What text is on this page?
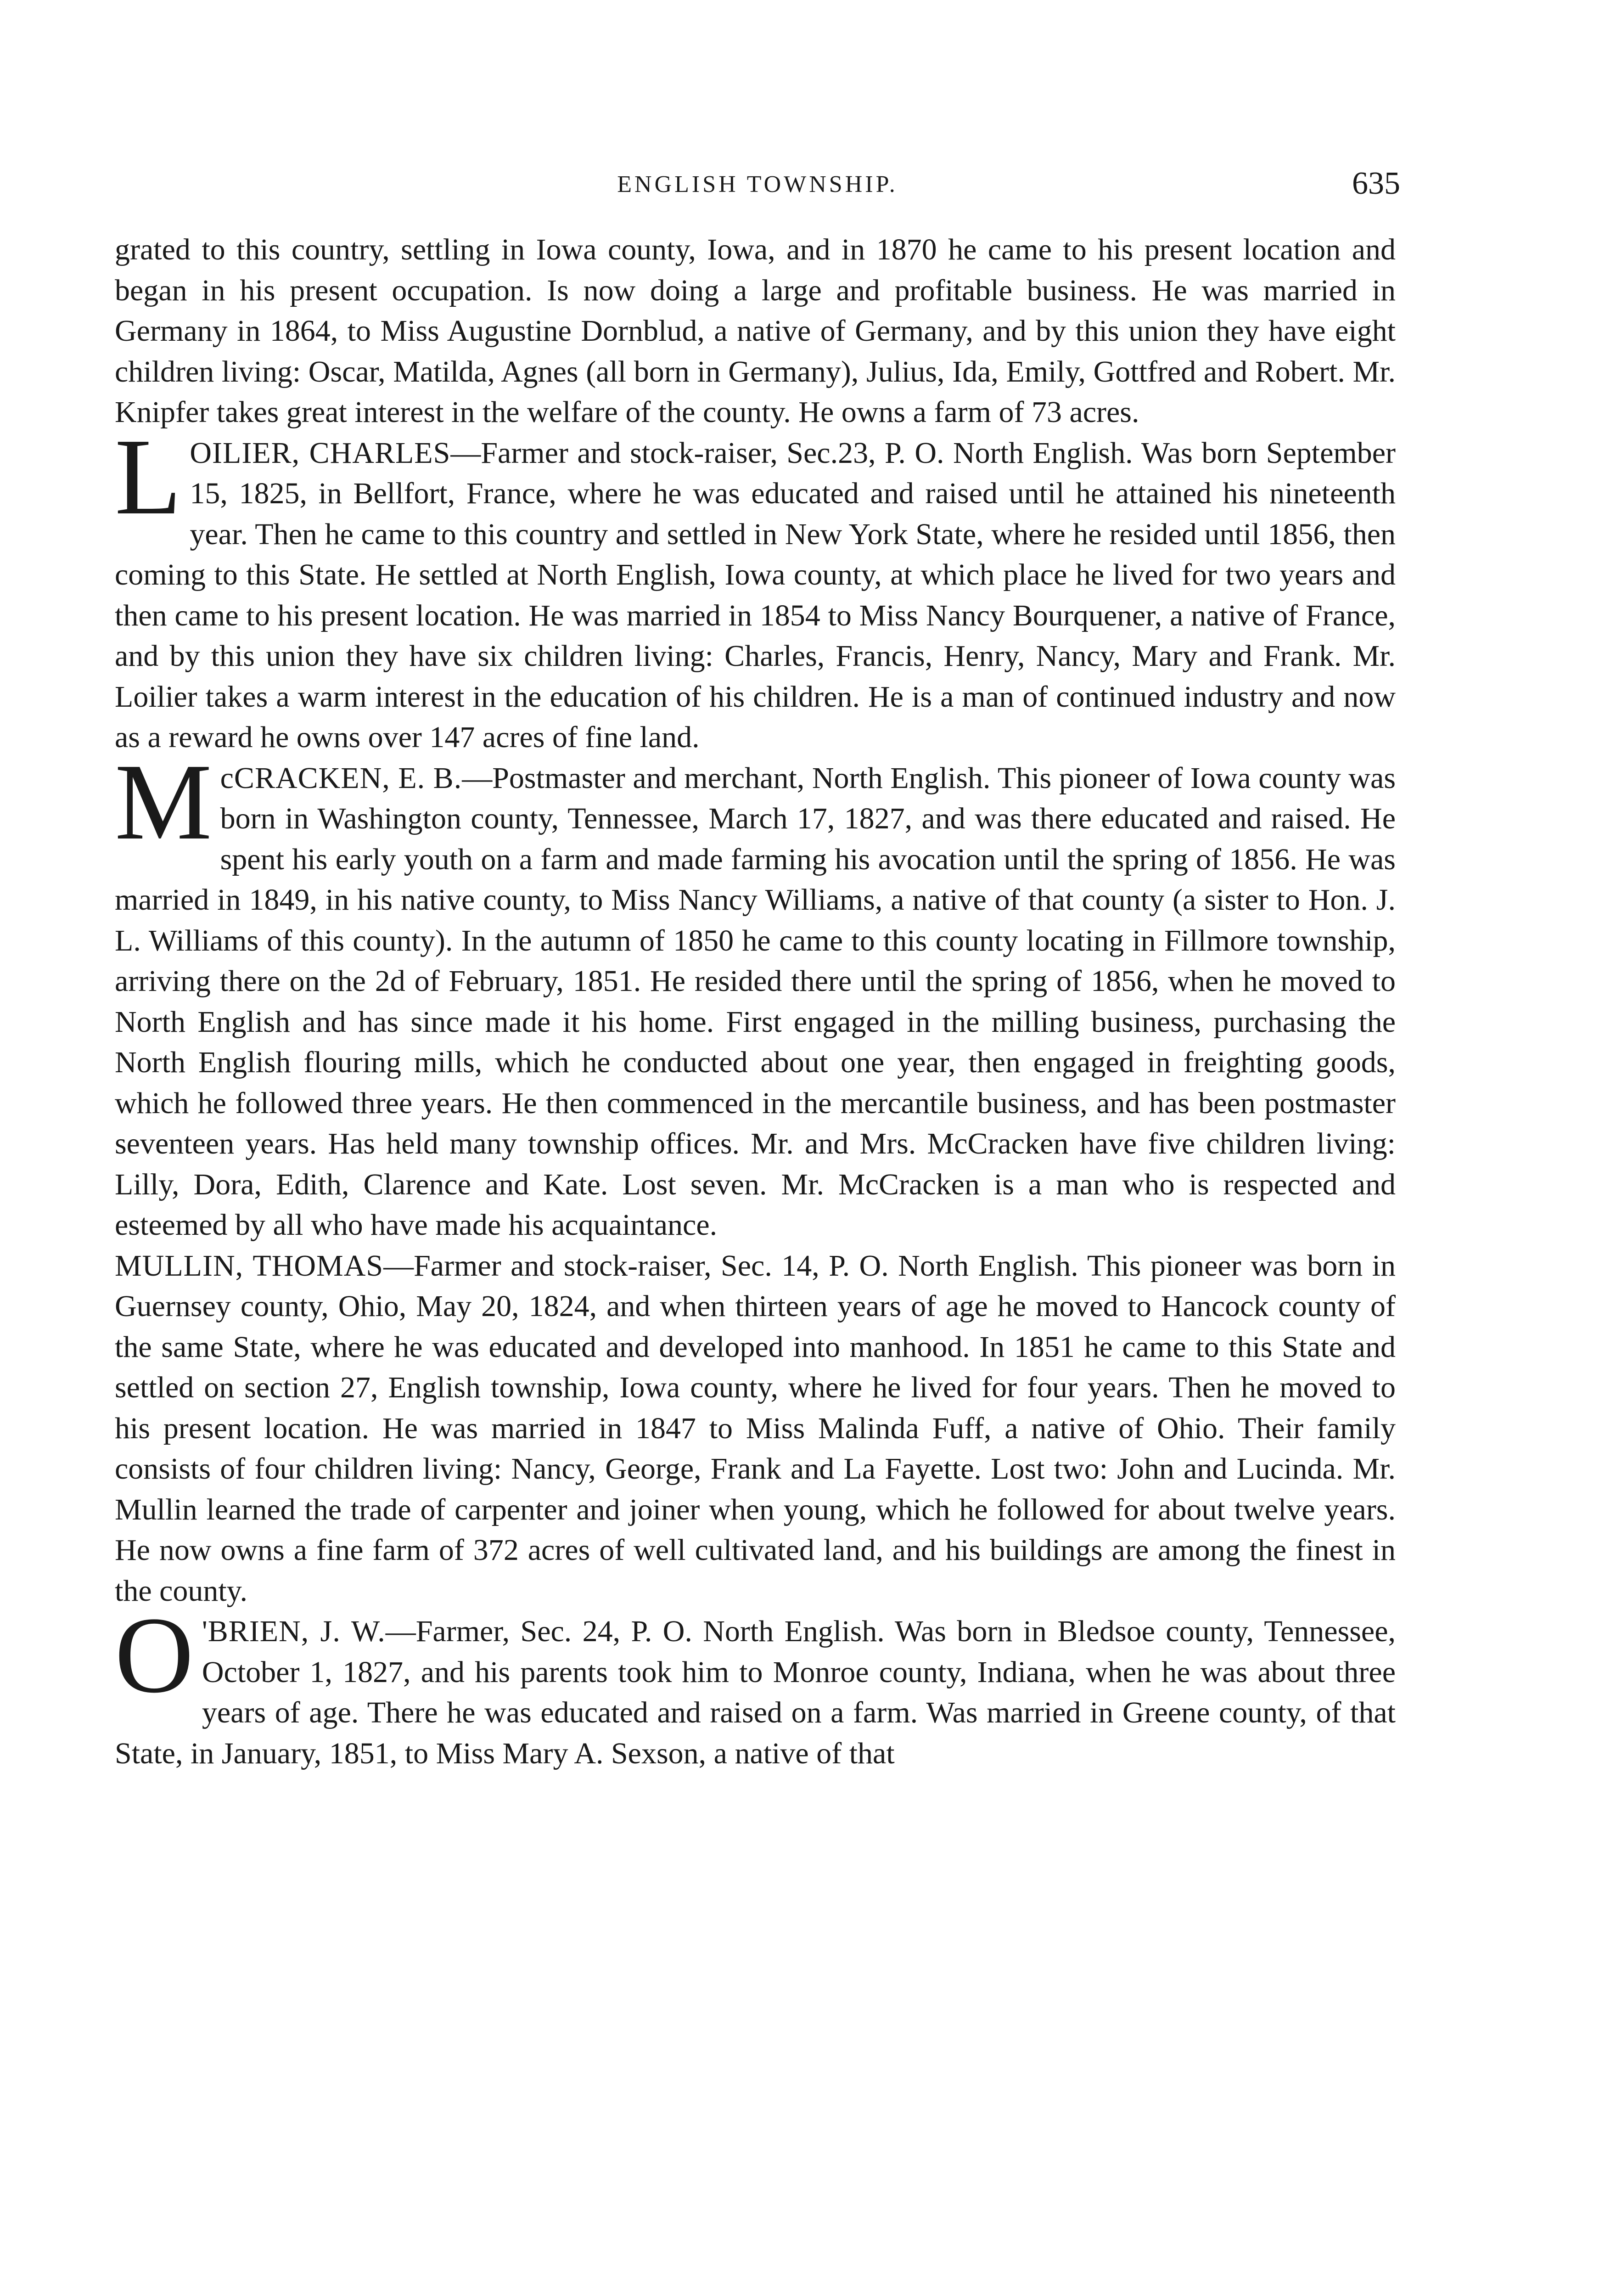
ENGLISH TOWNSHIP.	635

grated to this country, settling in Iowa county, Iowa, and in 1870 he came to his present location and began in his present occupation. Is now doing a large and profitable business. He was married in Germany in 1864, to Miss Augustine Dornblud, a native of Germany, and by this union they have eight children living: Oscar, Matilda, Agnes (all born in Germany), Julius, Ida, Emily, Gottfred and Robert. Mr. Knipfer takes great interest in the welfare of the county. He owns a farm of 73 acres.

LOILIER, CHARLES—Farmer and stock-raiser, Sec.23, P. O. North English. Was born September 15, 1825, in Bellfort, France, where he was educated and raised until he attained his nineteenth year. Then he came to this country and settled in New York State, where he resided until 1856, then coming to this State. He settled at North English, Iowa county, at which place he lived for two years and then came to his present location. He was married in 1854 to Miss Nancy Bourquener, a native of France, and by this union they have six children living: Charles, Francis, Henry, Nancy, Mary and Frank. Mr. Loilier takes a warm interest in the education of his children. He is a man of continued industry and now as a reward he owns over 147 acres of fine land.

McCRACKEN, E. B.—Postmaster and merchant, North English. This pioneer of Iowa county was born in Washington county, Tennessee, March 17, 1827, and was there educated and raised. He spent his early youth on a farm and made farming his avocation until the spring of 1856. He was married in 1849, in his native county, to Miss Nancy Williams, a native of that county (a sister to Hon. J. L. Williams of this county). In the autumn of 1850 he came to this county locating in Fillmore township, arriving there on the 2d of February, 1851. He resided there until the spring of 1856, when he moved to North English and has since made it his home. First engaged in the milling business, purchasing the North English flouring mills, which he conducted about one year, then engaged in freighting goods, which he followed three years. He then commenced in the mercantile business, and has been postmaster seventeen years. Has held many township offices. Mr. and Mrs. McCracken have five children living: Lilly, Dora, Edith, Clarence and Kate. Lost seven. Mr. McCracken is a man who is respected and esteemed by all who have made his acquaintance.

MULLIN, THOMAS—Farmer and stock-raiser, Sec. 14, P. O. North English. This pioneer was born in Guernsey county, Ohio, May 20, 1824, and when thirteen years of age he moved to Hancock county of the same State, where he was educated and developed into manhood. In 1851 he came to this State and settled on section 27, English township, Iowa county, where he lived for four years. Then he moved to his present location. He was married in 1847 to Miss Malinda Fuff, a native of Ohio. Their family consists of four children living: Nancy, George, Frank and La Fayette. Lost two: John and Lucinda. Mr. Mullin learned the trade of carpenter and joiner when young, which he followed for about twelve years. He now owns a fine farm of 372 acres of well cultivated land, and his buildings are among the finest in the county.

O 'BRIEN, J. W.—Farmer, Sec. 24, P. O. North English. Was born in Bledsoe county, Tennessee, October 1, 1827, and his parents took him to Monroe county, Indiana, when he was about three years of age. There he was educated and raised on a farm. Was married in Greene county, of that State, in January, 1851, to Miss Mary A. Sexson, a native of that
